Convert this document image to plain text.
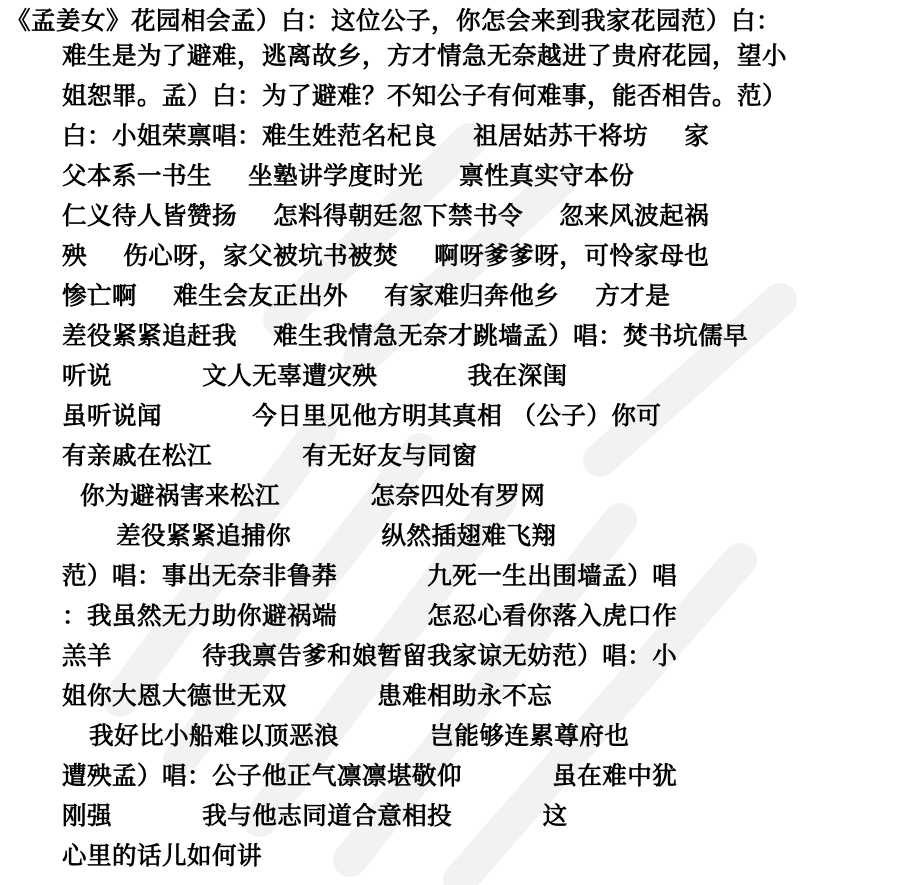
《孟姜女》花园相会孟）白：这位公子，你怎会来到我家花园范）白：
难生是为了避难，逃离故乡，方才情急无奈越进了贵府花园，望小
姐恕罪。孟）白：为了避难？不知公子有何难事，能否相告。范）
白：小姐荣禀唱：难生姓范名杞良    祖居姑苏干将坊    家
父本系一书生    坐塾讲学度时光    禀性真实守本份
仁义待人皆赞扬    怎料得朝廷忽下禁书令    忽来风波起祸
殃    伤心呀，家父被坑书被焚    啊呀爹爹呀，可怜家母也
惨亡啊    难生会友正出外    有家难归奔他乡    方才是
差役紧紧追赶我    难生我情急无奈才跳墙孟）唱：焚书坑儒早
听说          文人无辜遭灾殃          我在深闺
虽听说闻          今日里见他方明其真相 （公子）你可
有亲戚在松江          有无好友与同窗
你为避祸害来松江          怎奈四处有罗网
差役紧紧追捕你          纵然插翅难飞翔
范）唱：事出无奈非鲁莽          九死一生出围墙孟）唱
：我虽然无力助你避祸端          怎忍心看你落入虎口作
羔羊          待我禀告爹和娘暂留我家谅无妨范）唱：小
姐你大恩大德世无双          患难相助永不忘
我好比小船难以顶恶浪          岂能够连累尊府也
遭殃孟）唱：公子他正气凛凛堪敬仰          虽在难中犹
刚强          我与他志同道合意相投          这
心里的话儿如何讲
